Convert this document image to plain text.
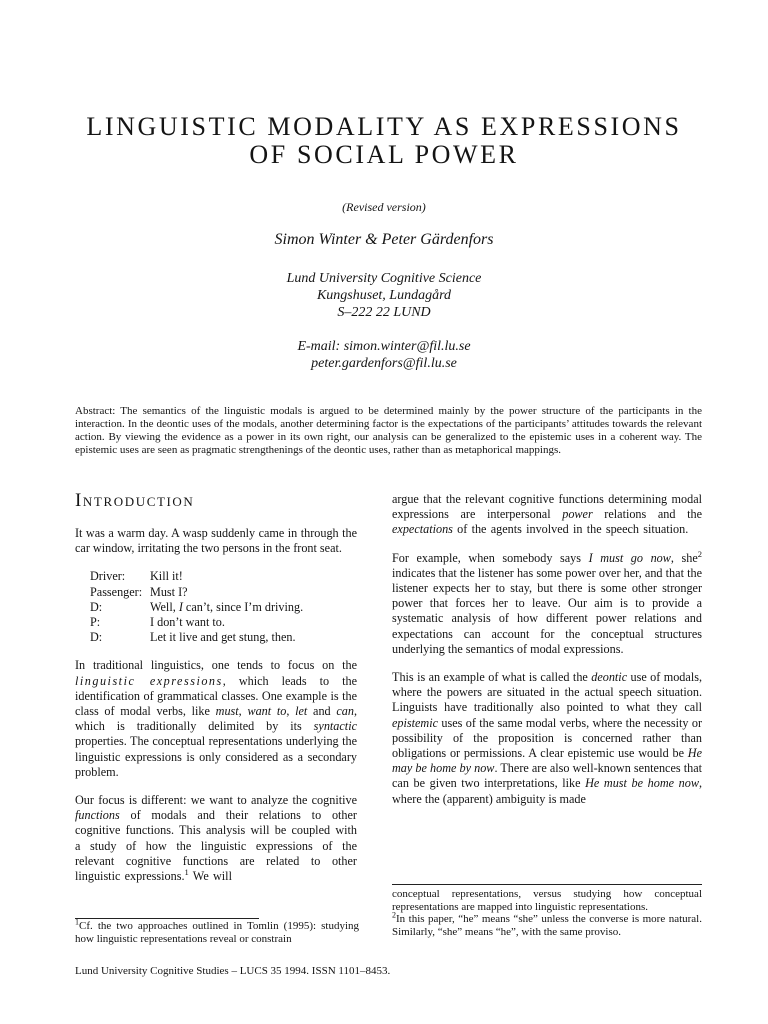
LINGUISTIC MODALITY AS EXPRESSIONS
OF SOCIAL POWER
(Revised version)
Simon Winter & Peter Gärdenfors
Lund University Cognitive Science
Kungshuset, Lundagård
S–222 22 LUND
E-mail: simon.winter@fil.lu.se
peter.gardenfors@fil.lu.se

Abstract: The semantics of the linguistic modals is argued to be determined mainly by the power structure of the participants in the interaction. In the deontic uses of the modals, another determining factor is the expectations of the participants’ attitudes towards the relevant action. By viewing the evidence as a power in its own right, our analysis can be generalized to the epistemic uses in a coherent way. The epistemic uses are seen as pragmatic strengthenings of the deontic uses, rather than as metaphorical mappings.

Introduction

It was a warm day. A wasp suddenly came in through the car window, irritating the two persons in the front seat.

Driver:	Kill it!
Passenger:	Must I?
D:	Well, I can’t, since I’m driving.
P:	I don’t want to.
D:	Let it live and get stung, then.

In traditional linguistics, one tends to focus on the linguistic expressions, which leads to the identification of grammatical classes. One example is the class of modal verbs, like must, want to, let and can, which is traditionally delimited by its syntactic properties. The conceptual representations underlying the linguistic expressions is only considered as a secondary problem.

Our focus is different: we want to analyze the cognitive functions of modals and their relations to other cognitive functions. This analysis will be coupled with a study of how the linguistic expressions of the relevant cognitive functions are related to other linguistic expressions.$^1$ We will

argue that the relevant cognitive functions determining modal expressions are interpersonal power relations and the expectations of the agents involved in the speech situation.

For example, when somebody says I must go now, she$^2$ indicates that the listener has some power over her, and that the listener expects her to stay, but there is some other stronger power that forces her to leave. Our aim is to provide a systematic analysis of how different power relations and expectations can account for the conceptual structures underlying the semantics of modal expressions.

This is an example of what is called the deontic use of modals, where the powers are situated in the actual speech situation. Linguists have traditionally also pointed to what they call epistemic uses of the same modal verbs, where the necessity or possibility of the proposition is concerned rather than obligations or permissions. A clear epistemic use would be He may be home by now. There are also well-known sentences that can be given two interpretations, like He must be home now, where the (apparent) ambiguity is made

$^1$Cf. the two approaches outlined in Tomlin (1995): studying how linguistic representations reveal or constrain

conceptual representations, versus studying how conceptual representations are mapped into linguistic representations.

$^2$In this paper, “he” means “she” unless the converse is more natural. Similarly, “she” means “he”, with the same proviso.

Lund University Cognitive Studies – LUCS 35 1994. ISSN 1101–8453.
